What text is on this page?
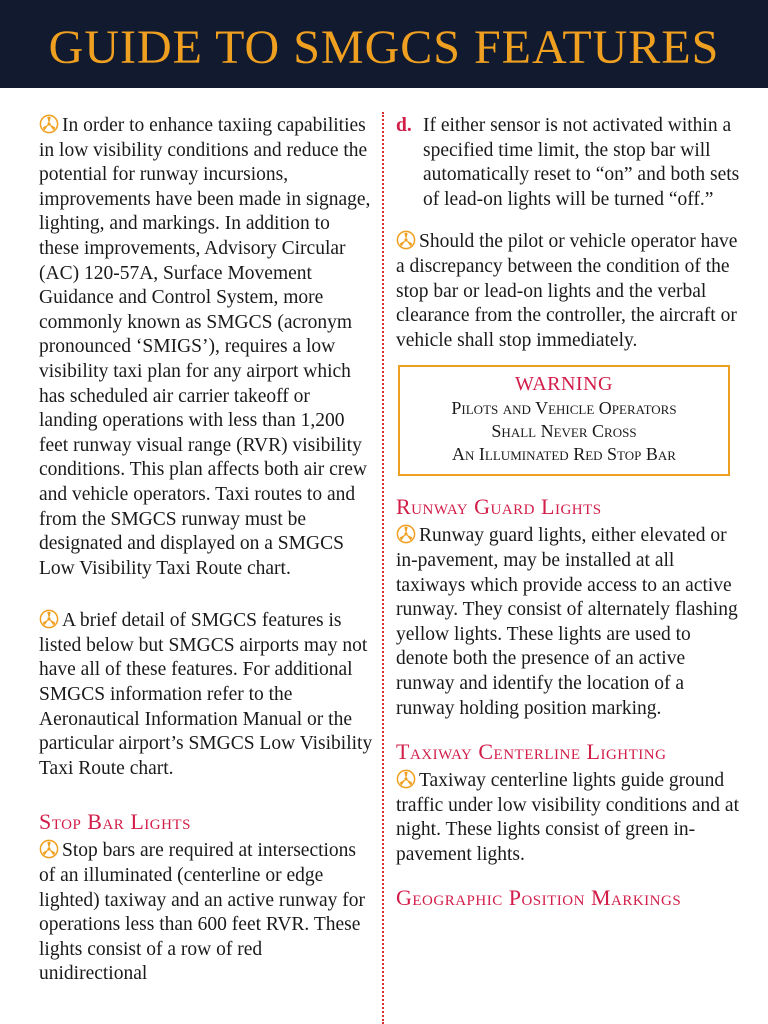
GUIDE TO SMGCS FEATURES

In order to enhance taxiing capabilities in low visibility conditions and reduce the potential for runway incursions, improvements have been made in signage, lighting, and markings. In addition to these improvements, Advisory Circular (AC) 120-57A, Surface Movement Guidance and Control System, more commonly known as SMGCS (acronym pronounced ‘SMIGS’), requires a low visibility taxi plan for any airport which has scheduled air carrier takeoff or landing operations with less than 1,200 feet runway visual range (RVR) visibility conditions. This plan affects both air crew and vehicle operators. Taxi routes to and from the SMGCS runway must be designated and displayed on a SMGCS Low Visibility Taxi Route chart.

A brief detail of SMGCS features is listed below but SMGCS airports may not have all of these features. For additional SMGCS information refer to the Aeronautical Information Manual or the particular airport’s SMGCS Low Visibility Taxi Route chart.

Stop Bar Lights

Stop bars are required at intersections of an illuminated (centerline or edge lighted) taxiway and an active runway for operations less than 600 feet RVR. These lights consist of a row of red unidirectional

d. If either sensor is not activated within a specified time limit, the stop bar will automatically reset to “on” and both sets of lead-on lights will be turned “off.”

Should the pilot or vehicle operator have a discrepancy between the condition of the stop bar or lead-on lights and the verbal clearance from the controller, the aircraft or vehicle shall stop immediately.

WARNING
Pilots and Vehicle Operators
Shall Never Cross
An Illuminated Red Stop Bar
Runway Guard Lights

Runway guard lights, either elevated or in-pavement, may be installed at all taxiways which provide access to an active runway. They consist of alternately flashing yellow lights. These lights are used to denote both the presence of an active runway and identify the location of a runway holding position marking.

Taxiway Centerline Lighting

Taxiway centerline lights guide ground traffic under low visibility conditions and at night. These lights consist of green in-pavement lights.

Geographic Position Markings
